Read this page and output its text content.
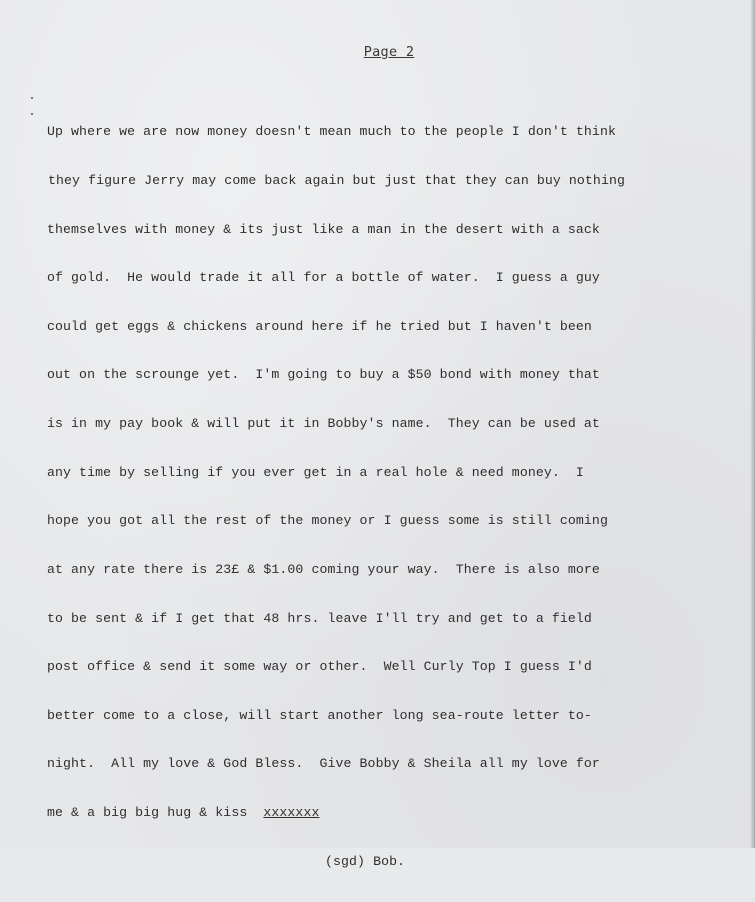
Page 2

Up where we are now money doesn't mean much to the people I don't think

they figure Jerry may come back again but just that they can buy nothing

themselves with money & its just like a man in the desert with a sack

of gold.  He would trade it all for a bottle of water.  I guess a guy

could get eggs & chickens around here if he tried but I haven't been

out on the scrounge yet.  I'm going to buy a $50 bond with money that

is in my pay book & will put it in Bobby's name.  They can be used at

any time by selling if you ever get in a real hole & need money.  I

hope you got all the rest of the money or I guess some is still coming

at any rate there is 23£ & $1.00 coming your way.  There is also more

to be sent & if I get that 48 hrs. leave I'll try and get to a field

post office & send it some way or other.  Well Curly Top I guess I'd

better come to a close, will start another long sea-route letter to-

night.  All my love & God Bless.  Give Bobby & Sheila all my love for

me & a big big hug & kiss  xxxxxxx

(sgd) Bob.
